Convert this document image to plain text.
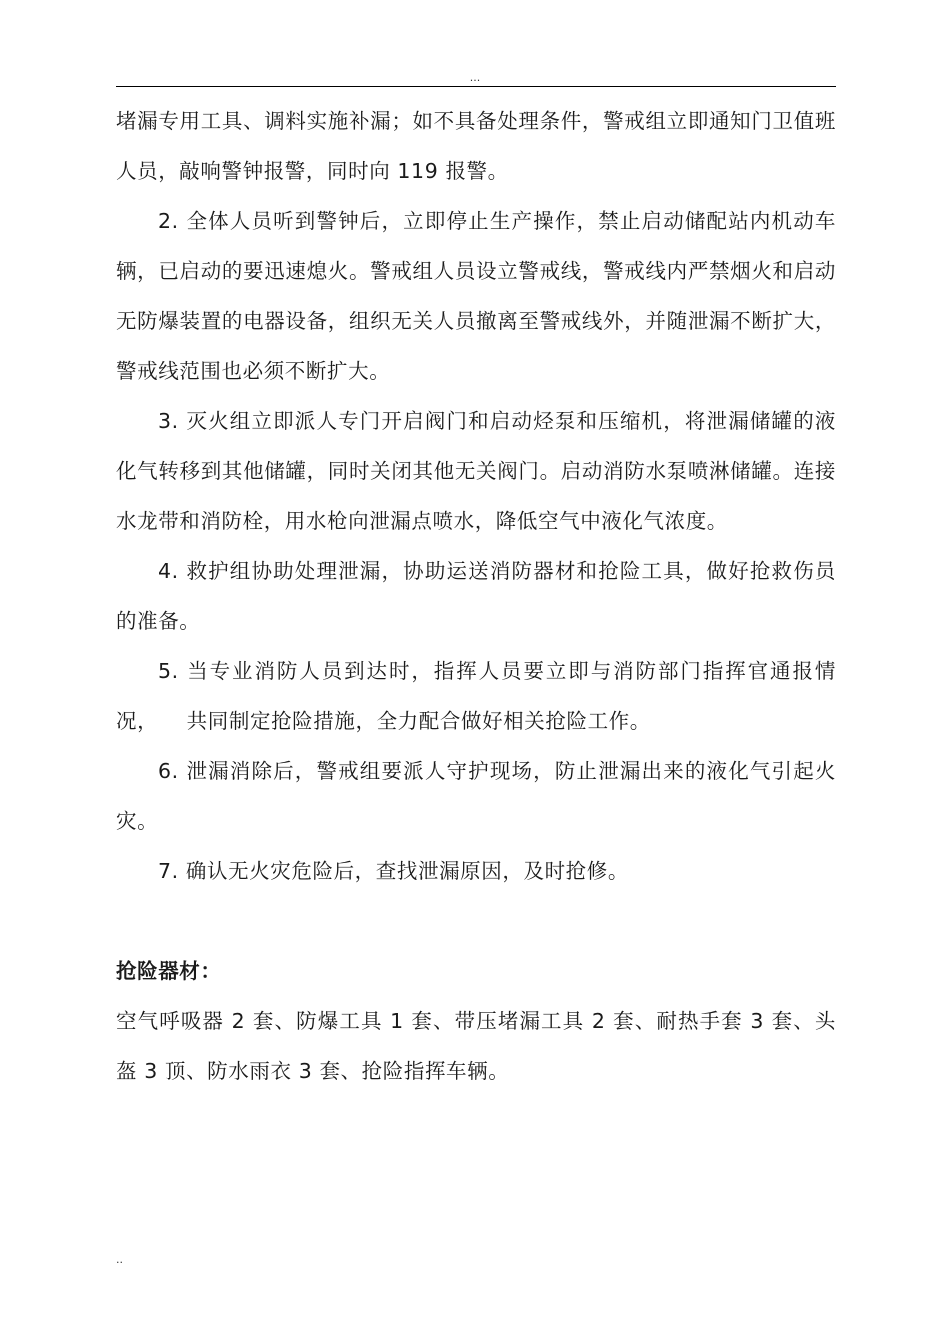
...

堵漏专用工具、调料实施补漏；如不具备处理条件，警戒组立即通知门卫值班人员，敲响警钟报警，同时向 119 报警。

2. 全体人员听到警钟后，立即停止生产操作，禁止启动储配站内机动车辆，已启动的要迅速熄火。警戒组人员设立警戒线，警戒线内严禁烟火和启动无防爆装置的电器设备，组织无关人员撤离至警戒线外，并随泄漏不断扩大，警戒线范围也必须不断扩大。

3. 灭火组立即派人专门开启阀门和启动烃泵和压缩机，将泄漏储罐的液化气转移到其他储罐，同时关闭其他无关阀门。启动消防水泵喷淋储罐。连接水龙带和消防栓，用水枪向泄漏点喷水，降低空气中液化气浓度。

4. 救护组协助处理泄漏，协助运送消防器材和抢险工具，做好抢救伤员的准备。

5. 当专业消防人员到达时，指挥人员要立即与消防部门指挥官通报情况，    共同制定抢险措施，全力配合做好相关抢险工作。

6. 泄漏消除后，警戒组要派人守护现场，防止泄漏出来的液化气引起火灾。

7. 确认无火灾危险后，查找泄漏原因，及时抢修。

抢险器材：

空气呼吸器 2 套、防爆工具 1 套、带压堵漏工具 2 套、耐热手套 3 套、头盔 3 顶、防水雨衣 3 套、抢险指挥车辆。

..
